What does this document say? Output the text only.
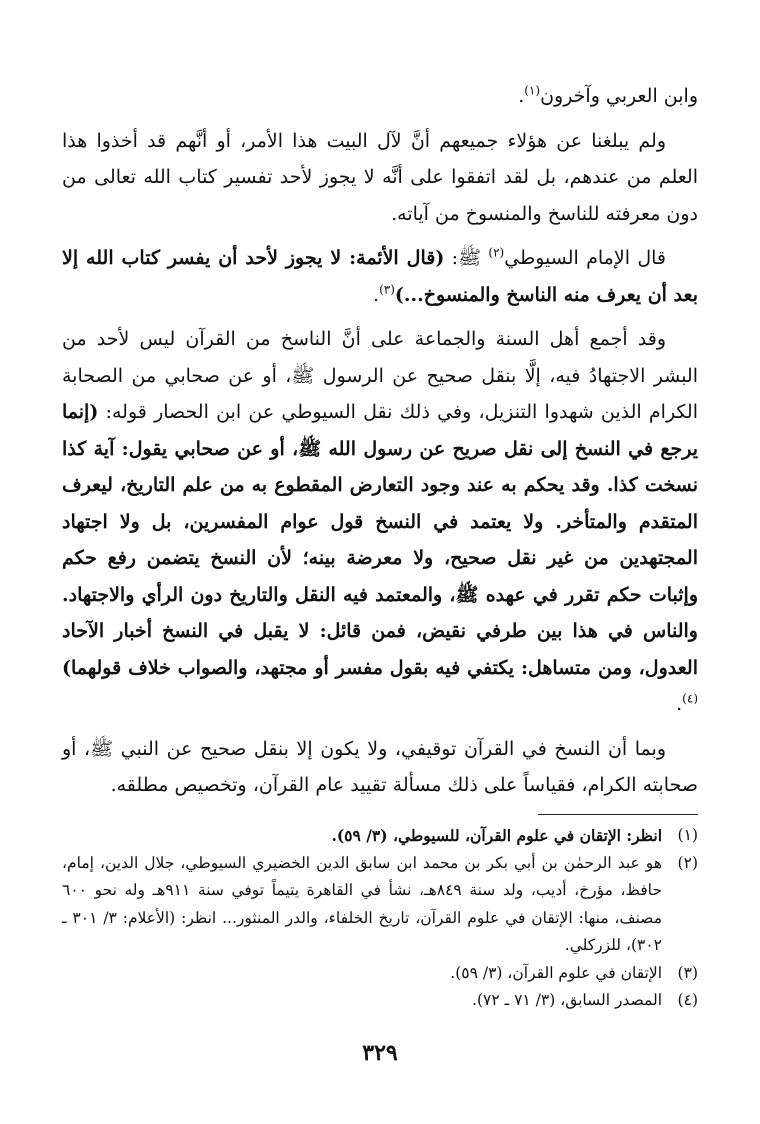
وابن العربي وآخرون$^{(١)}$.

ولم يبلغنا عن هؤلاء جميعهم أنَّ لآل البيت هذا الأمر، أو أنَّهم قد أخذوا هذا العلم من عندهم، بل لقد اتفقوا على أنَّه لا يجوز لأحد تفسير كتاب الله تعالى من دون معرفته للناسخ والمنسوخ من آياته.

قال الإمام السيوطي$^{(٢)}$ ﷺ: (قال الأئمة: لا يجوز لأحد أن يفسر كتاب الله إلا بعد أن يعرف منه الناسخ والمنسوخ...)$^{(٣)}$.

وقد أجمع أهل السنة والجماعة على أنَّ الناسخ من القرآن ليس لأحد من البشر الاجتهادُ فيه، إلَّا بنقل صحيح عن الرسول ﷺ، أو عن صحابي من الصحابة الكرام الذين شهدوا التنزيل، وفي ذلك نقل السيوطي عن ابن الحصار قوله: (إنما يرجع في النسخ إلى نقل صريح عن رسول الله ﷺ، أو عن صحابي يقول: آية كذا نسخت كذا. وقد يحكم به عند وجود التعارض المقطوع به من علم التاريخ، ليعرف المتقدم والمتأخر. ولا يعتمد في النسخ قول عوام المفسرين، بل ولا اجتهاد المجتهدين من غير نقل صحيح، ولا معرضة بينه؛ لأن النسخ يتضمن رفع حكم وإثبات حكم تقرر في عهده ﷺ، والمعتمد فيه النقل والتاريخ دون الرأي والاجتهاد. والناس في هذا بين طرفي نقيض، فمن قائل: لا يقبل في النسخ أخبار الآحاد العدول، ومن متساهل: يكتفي فيه بقول مفسر أو مجتهد، والصواب خلاف قولهما)$^{(٤)}$.

وبما أن النسخ في القرآن توقيفي، ولا يكون إلا بنقل صحيح عن النبي ﷺ، أو صحابته الكرام، فقياساً على ذلك مسألة تقييد عام القرآن، وتخصيص مطلقه.

(١)
انظر: الإتقان في علوم القرآن، للسيوطي، (٣/ ٥٩).
(٢)
هو عبد الرحمٰن بن أبي بكر بن محمد ابن سابق الدين الخضيري السيوطي، جلال الدين، إمام، حافظ، مؤرخ، أديب، ولد سنة ٨٤٩هـ، نشأ في القاهرة يتيماً توفي سنة ٩١١هـ وله نحو ٦٠٠ مصنف، منها: الإتقان في علوم القرآن، تاريخ الخلفاء، والدر المنثور... انظر: (الأعلام: ٣/ ٣٠١ ـ ٣٠٢)، للزركلي.
(٣)
الإتقان في علوم القرآن، (٣/ ٥٩).
(٤)
المصدر السابق، (٣/ ٧١ ـ ٧٢).
٣٢٩
